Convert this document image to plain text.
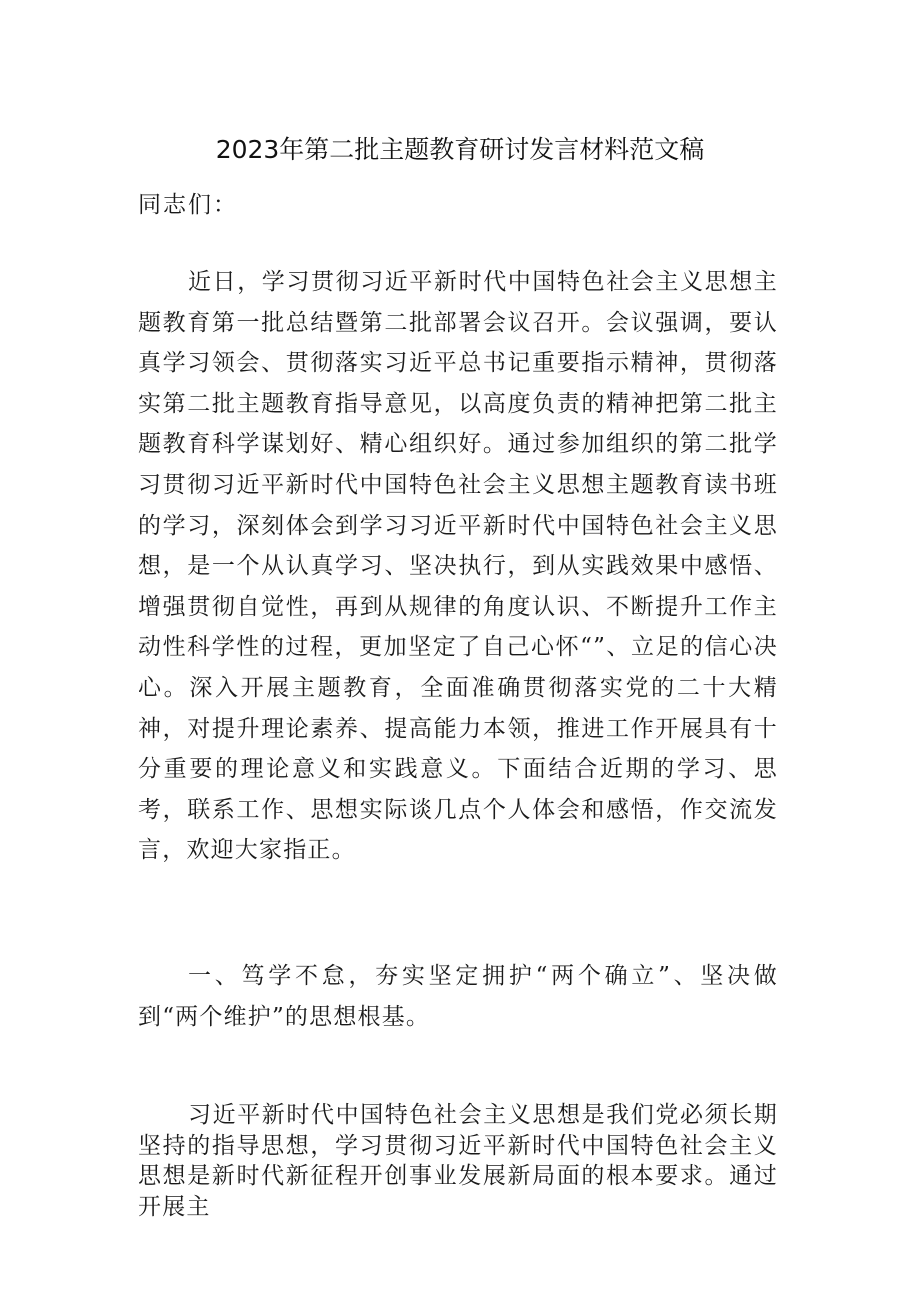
2023年第二批主题教育研讨发言材料范文稿
同志们：

近日，学习贯彻习近平新时代中国特色社会主义思想主题教育第一批总结暨第二批部署会议召开。会议强调，要认真学习领会、贯彻落实习近平总书记重要指示精神，贯彻落实第二批主题教育指导意见，以高度负责的精神把第二批主题教育科学谋划好、精心组织好。通过参加组织的第二批学习贯彻习近平新时代中国特色社会主义思想主题教育读书班的学习，深刻体会到学习习近平新时代中国特色社会主义思想，是一个从认真学习、坚决执行，到从实践效果中感悟、增强贯彻自觉性，再到从规律的角度认识、不断提升工作主动性科学性的过程，更加坚定了自己心怀“”、立足的信心决心。深入开展主题教育，全面准确贯彻落实党的二十大精神，对提升理论素养、提高能力本领，推进工作开展具有十分重要的理论意义和实践意义。下面结合近期的学习、思考，联系工作、思想实际谈几点个人体会和感悟，作交流发言，欢迎大家指正。

一、笃学不怠，夯实坚定拥护“两个确立”、坚决做到“两个维护”的思想根基。

习近平新时代中国特色社会主义思想是我们党必须长期坚持的指导思想，学习贯彻习近平新时代中国特色社会主义思想是新时代新征程开创事业发展新局面的根本要求。通过开展主
